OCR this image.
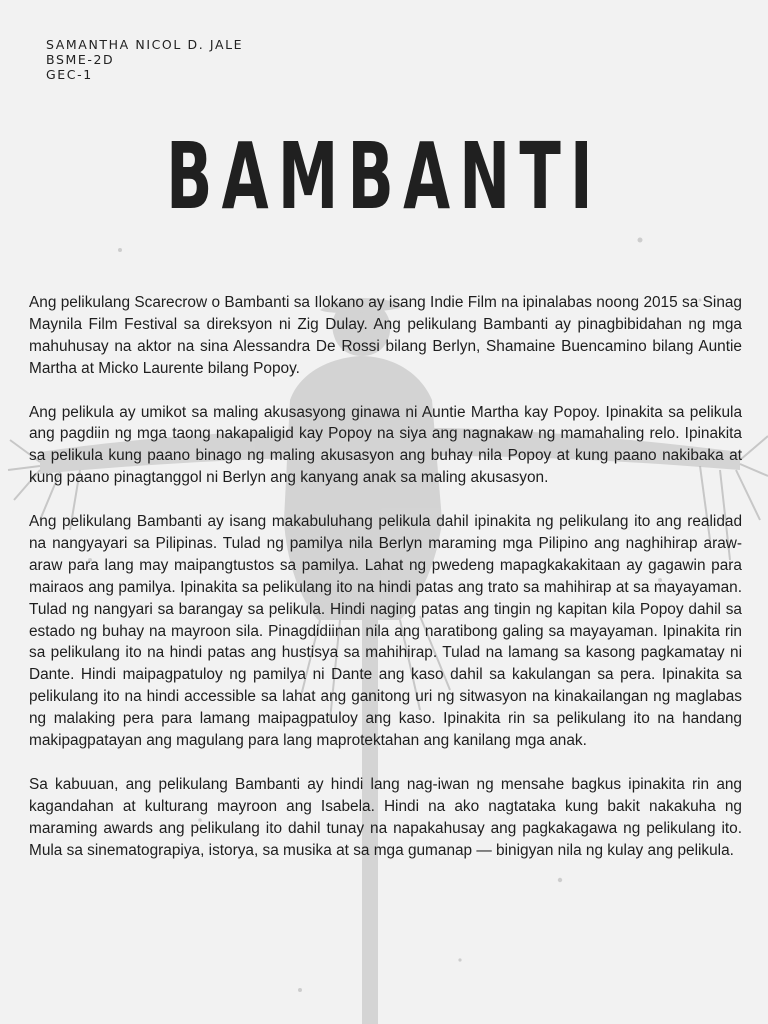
SAMANTHA NICOL D. JALE
BSME-2D
GEC-1
BAMBANTI

Ang pelikulang Scarecrow o Bambanti sa Ilokano ay isang Indie Film na ipinalabas noong 2015 sa Sinag Maynila Film Festival sa direksyon ni Zig Dulay. Ang pelikulang Bambanti ay pinagbibidahan ng mga mahuhusay na aktor na sina Alessandra De Rossi bilang Berlyn, Shamaine Buencamino bilang Auntie Martha at Micko Laurente bilang Popoy.

Ang pelikula ay umikot sa maling akusasyong ginawa ni Auntie Martha kay Popoy. Ipinakita sa pelikula ang pagdiin ng mga taong nakapaligid kay Popoy na siya ang nagnakaw ng mamahaling relo. Ipinakita sa pelikula kung paano binago ng maling akusasyon ang buhay nila Popoy at kung paano nakibaka at kung paano pinagtanggol ni Berlyn ang kanyang anak sa maling akusasyon.

Ang pelikulang Bambanti ay isang makabuluhang pelikula dahil ipinakita ng pelikulang ito ang realidad na nangyayari sa Pilipinas. Tulad ng pamilya nila Berlyn maraming mga Pilipino ang naghihirap araw-araw para lang may maipangtustos sa pamilya. Lahat ng pwedeng mapagkakakitaan ay gagawin para mairaos ang pamilya. Ipinakita sa pelikulang ito na hindi patas ang trato sa mahihirap at sa mayayaman. Tulad ng nangyari sa barangay sa pelikula. Hindi naging patas ang tingin ng kapitan kila Popoy dahil sa estado ng buhay na mayroon sila. Pinagdidiinan nila ang naratibong galing sa mayayaman. Ipinakita rin sa pelikulang ito na hindi patas ang hustisya sa mahihirap. Tulad na lamang sa kasong pagkamatay ni Dante. Hindi maipagpatuloy ng pamilya ni Dante ang kaso dahil sa kakulangan sa pera. Ipinakita sa pelikulang ito na hindi accessible sa lahat ang ganitong uri ng sitwasyon na kinakailangan ng maglabas ng malaking pera para lamang maipagpatuloy ang kaso. Ipinakita rin sa pelikulang ito na handang makipagpatayan ang magulang para lang maprotektahan ang kanilang mga anak.

Sa kabuuan, ang pelikulang Bambanti ay hindi lang nag-iwan ng mensahe bagkus ipinakita rin ang kagandahan at kulturang mayroon ang Isabela. Hindi na ako nagtataka kung bakit nakakuha ng maraming awards ang pelikulang ito dahil tunay na napakahusay ang pagkakagawa ng pelikulang ito. Mula sa sinematograpiya, istorya, sa musika at sa mga gumanap — binigyan nila ng kulay ang pelikula.
